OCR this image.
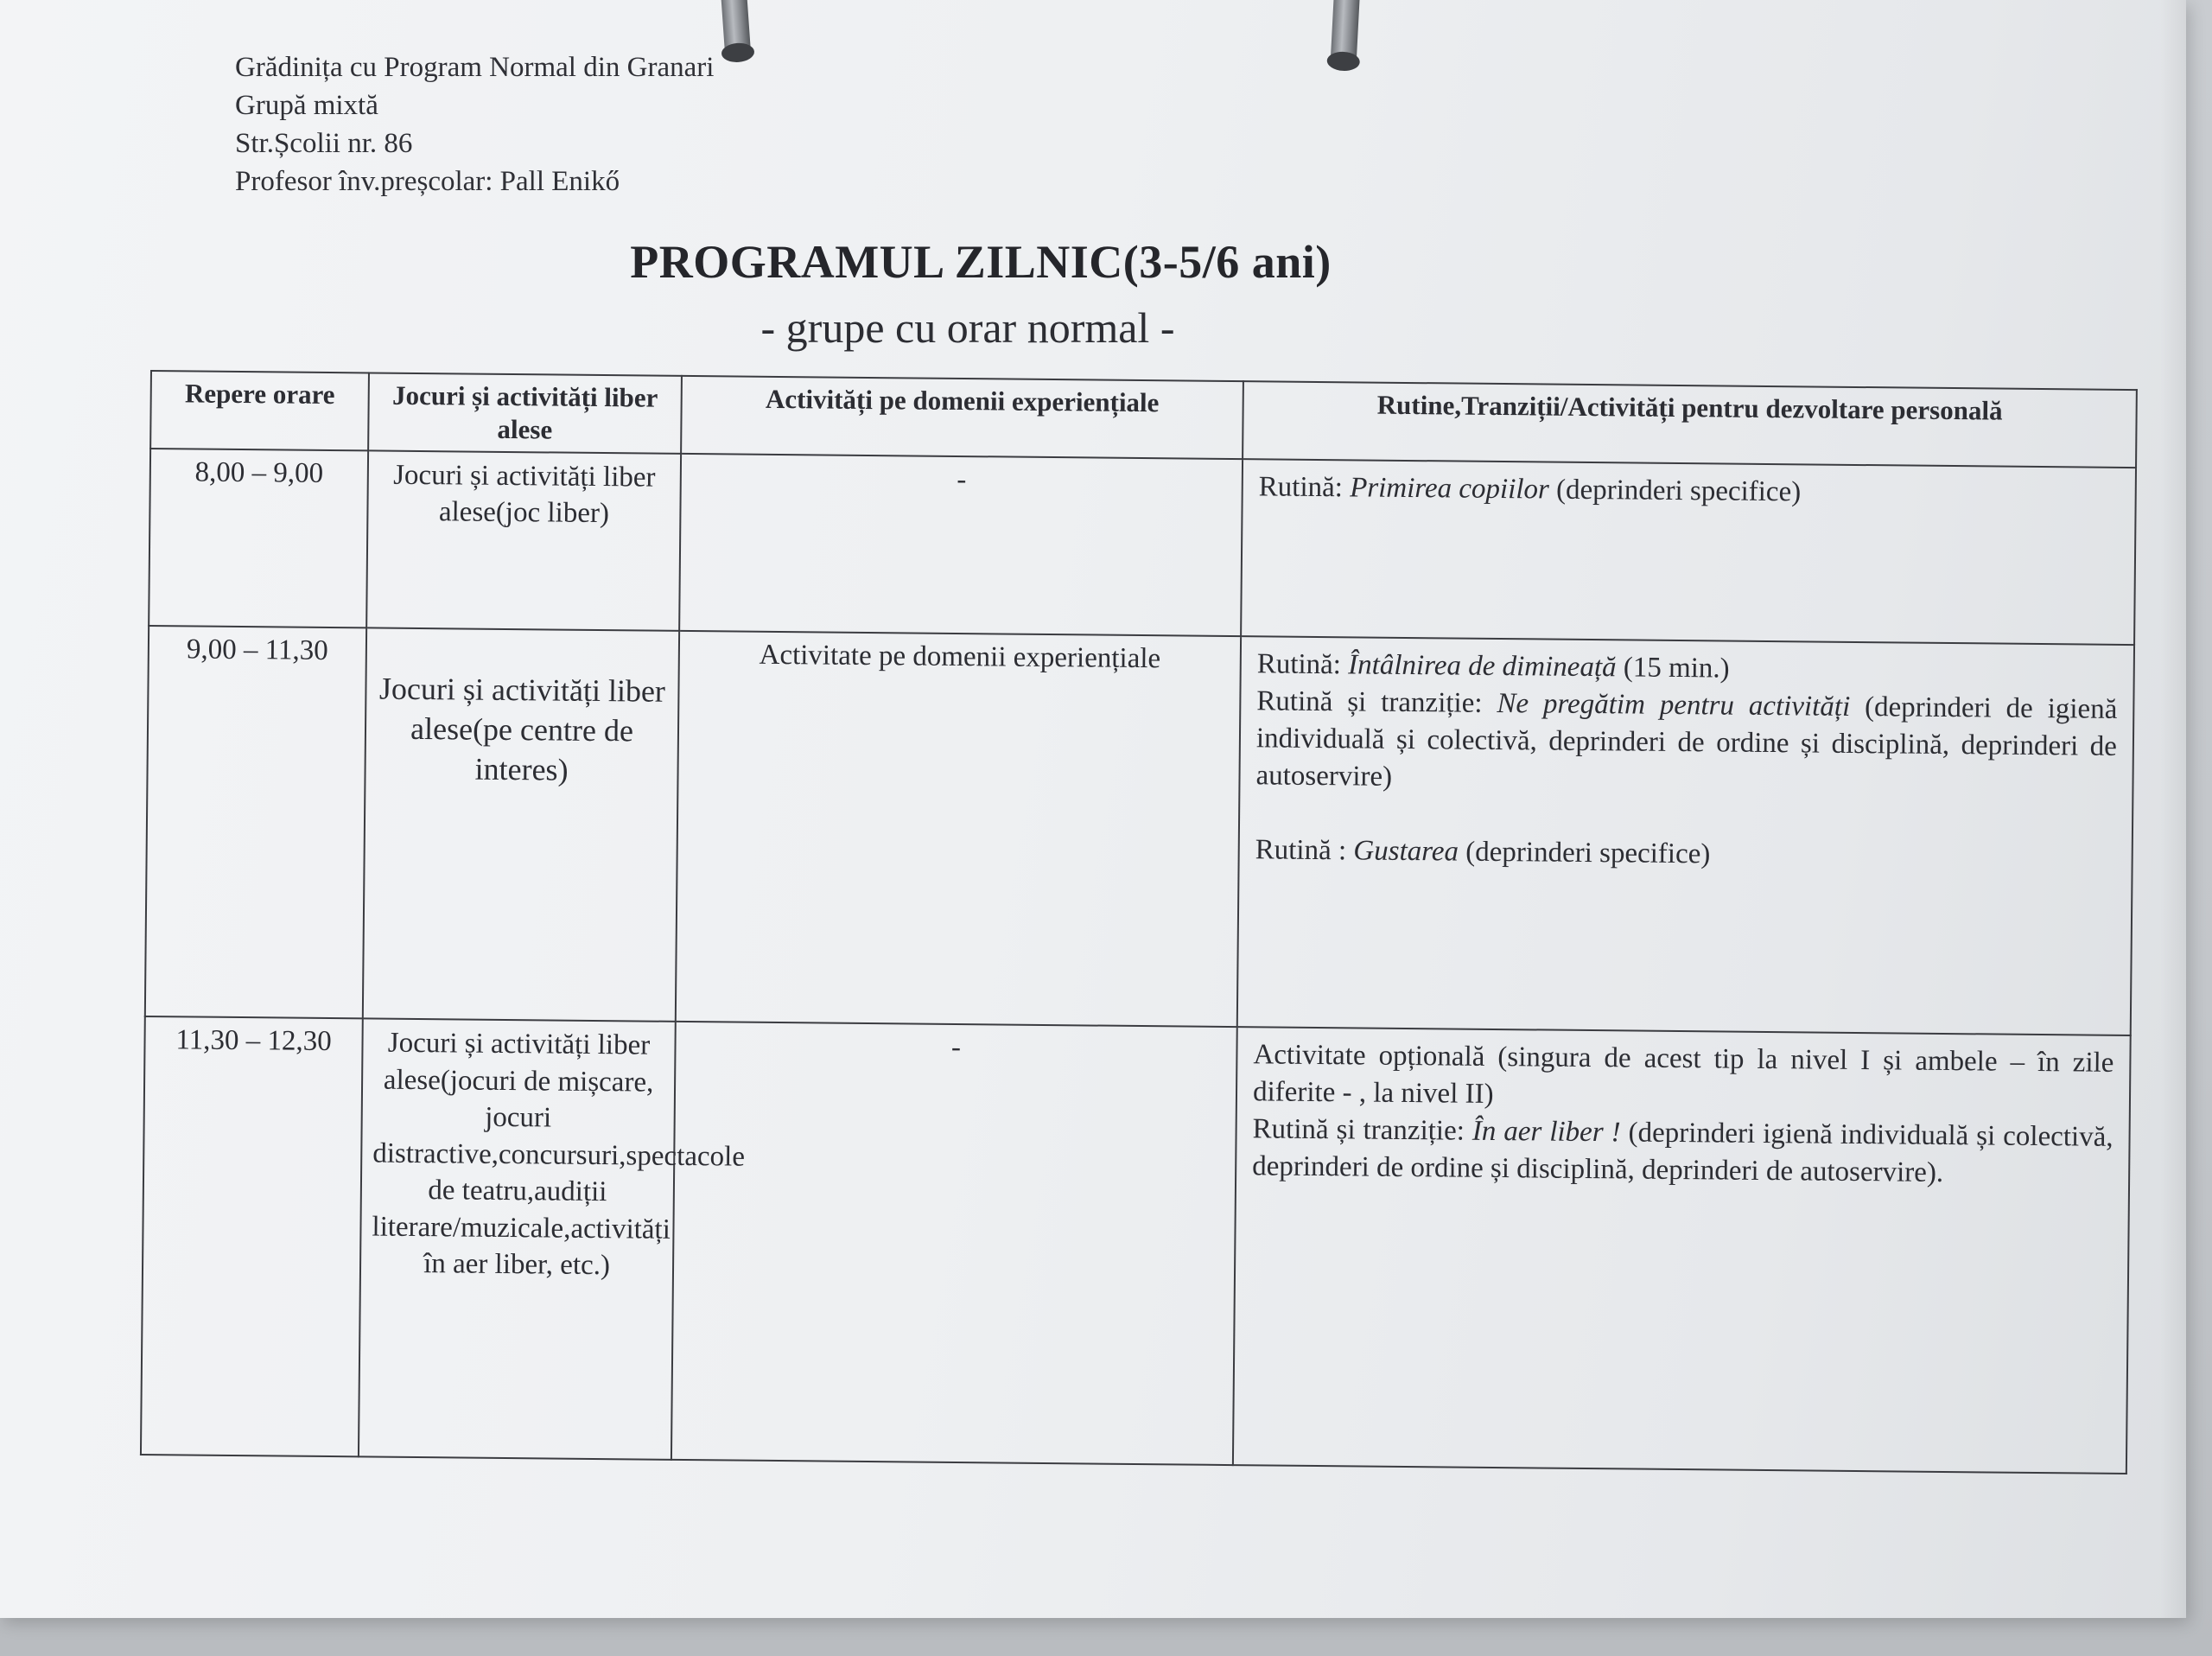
Grădinița cu Program Normal din Granari
Grupă mixtă
Str.Școlii nr. 86
Profesor înv.preșcolar: Pall Enikő
PROGRAMUL ZILNIC(3-5/6 ani)
- grupe cu orar normal -
Repere orare	Jocuri și activități liber alese	Activități pe domenii experiențiale	Rutine,Tranziții/Activități pentru dezvoltare personală
8,00 – 9,00	Jocuri și activități liber alese(joc liber)	-	Rutină: Primirea copiilor (deprinderi specifice)

9,00 – 11,30	Jocuri și activități liber alese(pe centre de interes)	Activitate pe domenii experiențiale	Rutină: Întâlnirea de dimineață (15 min.)
Rutină și tranziție: Ne pregătim pentru activități (deprinderi de igienă individuală și colectivă, deprinderi de ordine și disciplină, deprinderi de autoservire)
Rutină : Gustarea (deprinderi specifice)

11,30 – 12,30	Jocuri și activități liber alese(jocuri de mișcare, jocuri distractive,concursuri,spectacole de teatru,audiții literare/muzicale,activități în aer liber, etc.)	-	Activitate opțională (singura de acest tip la nivel I și ambele – în zile diferite - , la nivel II)
Rutină și tranziție: În aer liber ! (deprinderi igienă individuală și colectivă, deprinderi de ordine și disciplină, deprinderi de autoservire).
